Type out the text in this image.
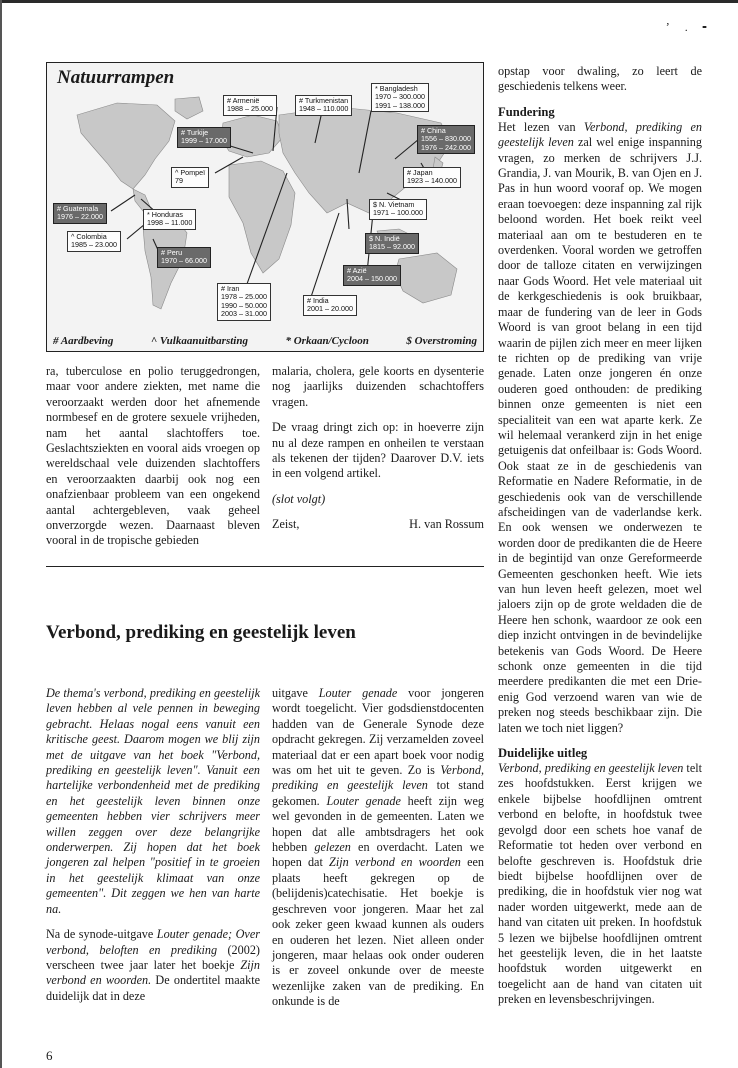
ʼ . ╸
Natuurrampen
# Armenië
1988 – 25.000
# Turkmenistan
1948 – 110.000
* Bangladesh
1970 – 300.000
1991 – 138.000
# Turkije
1999 – 17.000
# China
1556 – 830.000
1976 – 242.000
^ Pompeï
79
# Japan
1923 – 140.000
# Guatemala
1976 – 22.000	* Honduras
1998 – 11.000
$ N. Vietnam
1971 – 100.000
^ Colombia
1985 – 23.000
$ N. Indië
1815 – 92.000
# Peru
1970 – 66.000
# Azië
2004 – 150.000
# Iran
1978 – 25.000
1990 – 50.000
2003 – 31.000
# India
2001 – 20.000
# Aardbeving	^ Vulkaanuitbarsting	* Orkaan/Cycloon	$ Overstroming

ra, tuberculose en polio teruggedrongen, maar voor andere ziekten, met name die veroorzaakt werden door het afnemende normbesef en de grotere sexuele vrijheden, nam het aantal slachtoffers toe. Geslachtsziekten en vooral aids vroegen op wereldschaal vele duizenden slachtoffers en veroorzaakten daarbij ook nog een onafzienbaar probleem van een ongekend aantal achtergebleven, vaak geheel onverzorgde wezen. Daarnaast bleven vooral in de tropische gebieden

malaria, cholera, gele koorts en dysenterie nog jaarlijks duizenden schachtoffers vragen.

De vraag dringt zich op: in hoeverre zijn nu al deze rampen en onheilen te verstaan als tekenen der tijden? Daarover D.V. iets in een volgend artikel.

(slot volgt)

Zeist,	H. van Rossum

Verbond, prediking en geestelijk leven

De thema's verbond, prediking en geestelijk leven hebben al vele pennen in beweging gebracht. Helaas nogal eens vanuit een kritische geest. Daarom mogen we blij zijn met de uitgave van het boek "Verbond, prediking en geestelijk leven". Vanuit een hartelijke verbondenheid met de prediking en het geestelijk leven binnen onze gemeenten hebben vier schrijvers meer willen zeggen over deze belangrijke onderwerpen. Zij hopen dat het boek jongeren zal helpen "positief in te groeien in het geestelijk klimaat van onze gemeenten". Dit zeggen we hen van harte na.

Na de synode-uitgave Louter genade; Over verbond, beloften en prediking (2002) verscheen twee jaar later het boekje Zijn verbond en woorden. De ondertitel maakte duidelijk dat in deze

uitgave Louter genade voor jongeren wordt toegelicht. Vier godsdienstdocenten hadden van de Generale Synode deze opdracht gekregen. Zij verzamelden zoveel materiaal dat er een apart boek voor nodig was om het uit te geven. Zo is Verbond, prediking en geestelijk leven tot stand gekomen. Louter genade heeft zijn weg wel gevonden in de gemeenten. Laten we hopen dat alle ambtsdragers het ook hebben gelezen en overdacht. Laten we hopen dat Zijn verbond en woorden een plaats heeft gekregen op de (belijdenis)catechisatie. Het boekje is geschreven voor jongeren. Maar het zal ook zeker geen kwaad kunnen als ouders en ouderen het lezen. Niet alleen onder jongeren, maar helaas ook onder ouderen is er zoveel onkunde over de meeste wezenlijke zaken van de prediking. En onkunde is de

opstap voor dwaling, zo leert de geschiedenis telkens weer.

Fundering

Het lezen van Verbond, prediking en geestelijk leven zal wel enige inspanning vragen, zo merken de schrijvers J.J. Grandia, J. van Mourik, B. van Ojen en J. Pas in hun woord vooraf op. We mogen eraan toevoegen: deze inspanning zal rijk beloond worden. Het boek reikt veel materiaal aan om te bestuderen en te overdenken. Vooral worden we getroffen door de talloze citaten en verwijzingen naar Gods Woord. Het vele materiaal uit de kerkgeschiedenis is ook bruikbaar, maar de fundering van de leer in Gods Woord is van groot belang in een tijd waarin de pijlen zich meer en meer lijken te richten op de prediking van vrije genade. Laten onze jongeren én onze ouderen goed onthouden: de prediking binnen onze gemeenten is niet een specialiteit van een wat aparte kerk. Ze wil helemaal verankerd zijn in het enige getuigenis dat onfeilbaar is: Gods Woord. Ook staat ze in de geschiedenis van Reformatie en Nadere Reformatie, in de geschiedenis ook van de verschillende afscheidingen van de vaderlandse kerk. En ook wensen we onderwezen te worden door de predikanten die de Heere in de begintijd van onze Gereformeerde Gemeenten geschonken heeft. Wie iets van hun leven heeft gelezen, moet wel jaloers zijn op de grote weldaden die de Heere hen schonk, waardoor ze ook een diep inzicht ontvingen in de bevindelijke betekenis van Gods Woord. De Heere schonk onze gemeenten in die tijd meerdere predikanten die met een Drie-enig God verzoend waren van wie de preken nog steeds beschikbaar zijn. Die laten we toch niet liggen?

Duidelijke uitleg

Verbond, prediking en geestelijk leven telt zes hoofdstukken. Eerst krijgen we enkele bijbelse hoofdlijnen omtrent verbond en belofte, in hoofdstuk twee gevolgd door een schets hoe vanaf de Reformatie tot heden over verbond en belofte geschreven is. Hoofdstuk drie biedt bijbelse hoofdlijnen over de prediking, die in hoofdstuk vier nog wat nader worden uitgewerkt, mede aan de hand van citaten uit preken. In hoofdstuk 5 lezen we bijbelse hoofdlijnen omtrent het geestelijk leven, die in het laatste hoofdstuk worden uitgewerkt en toegelicht aan de hand van citaten uit preken en levensbeschrijvingen.

6
